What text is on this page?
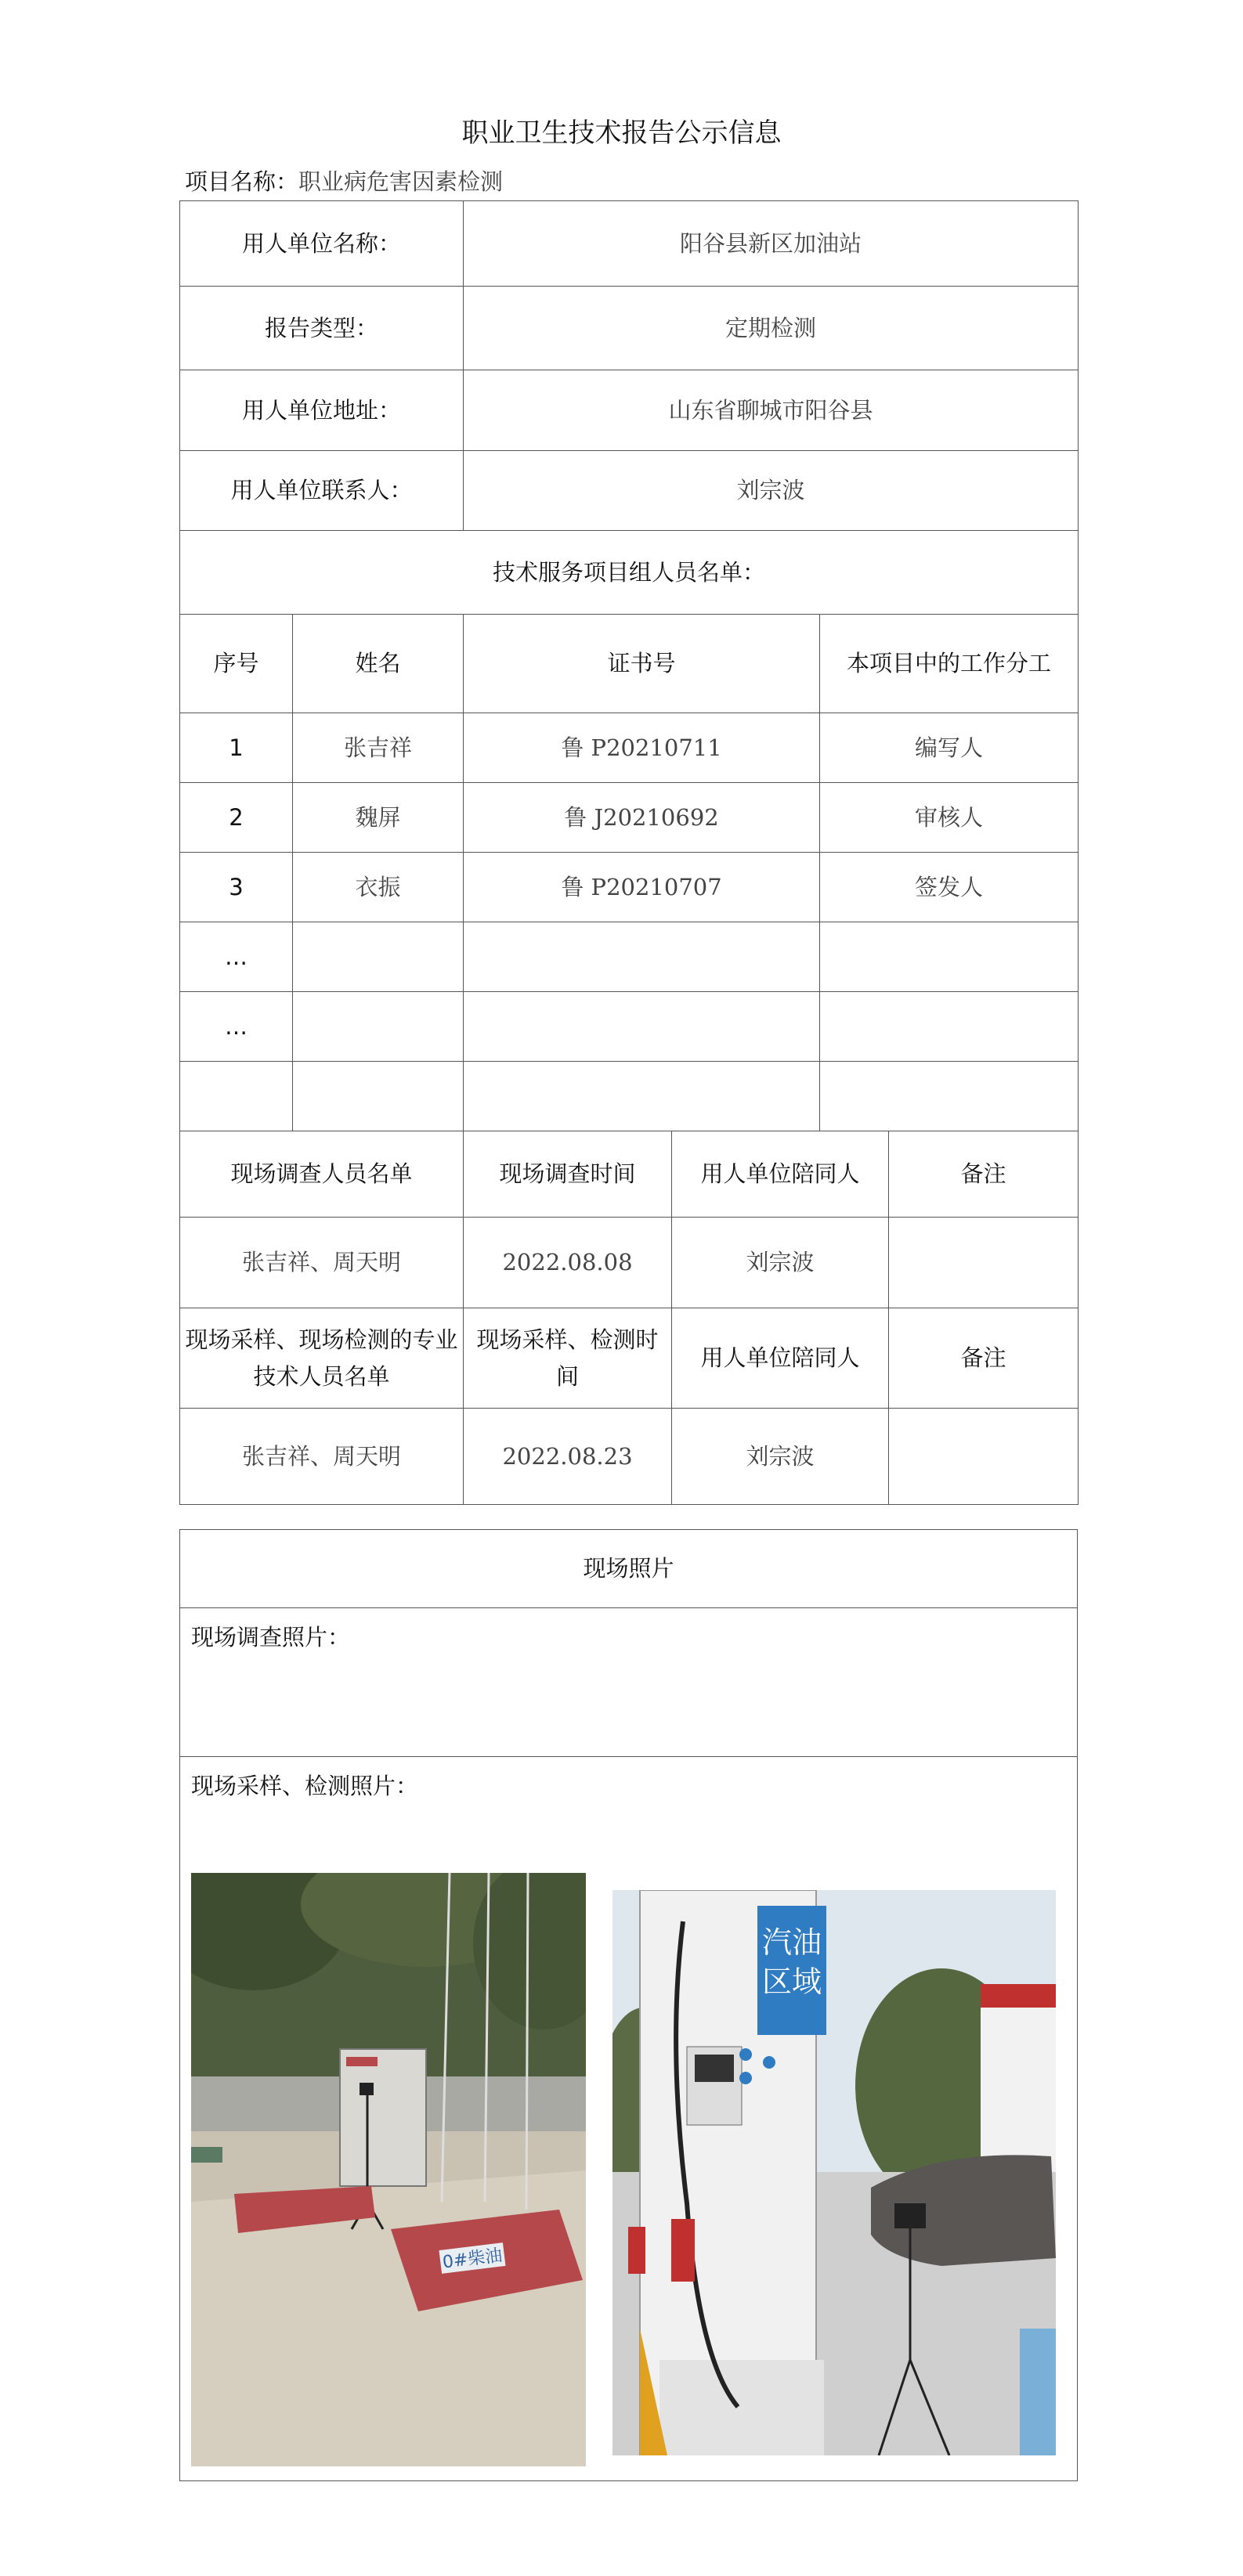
职业卫生技术报告公示信息
项目名称：职业病危害因素检测
用人单位名称：		阳谷县新区加油站			
报告类型：		定期检测			
用人单位地址：		山东省聊城市阳谷县			
用人单位联系人：		刘宗波			
技术服务项目组人员名单：					
序号	姓名	证书号		本项目中的工作分工	
1	张吉祥	鲁 P20210711		编写人	
2	魏屏	鲁 J20210692		审核人	
3	衣振	鲁 P20210707		签发人	
…					
…					

现场调查人员名单		现场调查时间	用人单位陪同人		备注
张吉祥、周天明		2022.08.08	刘宗波		
现场采样、现场检测的专业技术人员名单		现场采样、检测时间	用人单位陪同人		备注
张吉祥、周天明		2022.08.23	刘宗波		
现场照片
现场调查照片：

现场采样、检测照片：
0#柴油
汽油
区域
